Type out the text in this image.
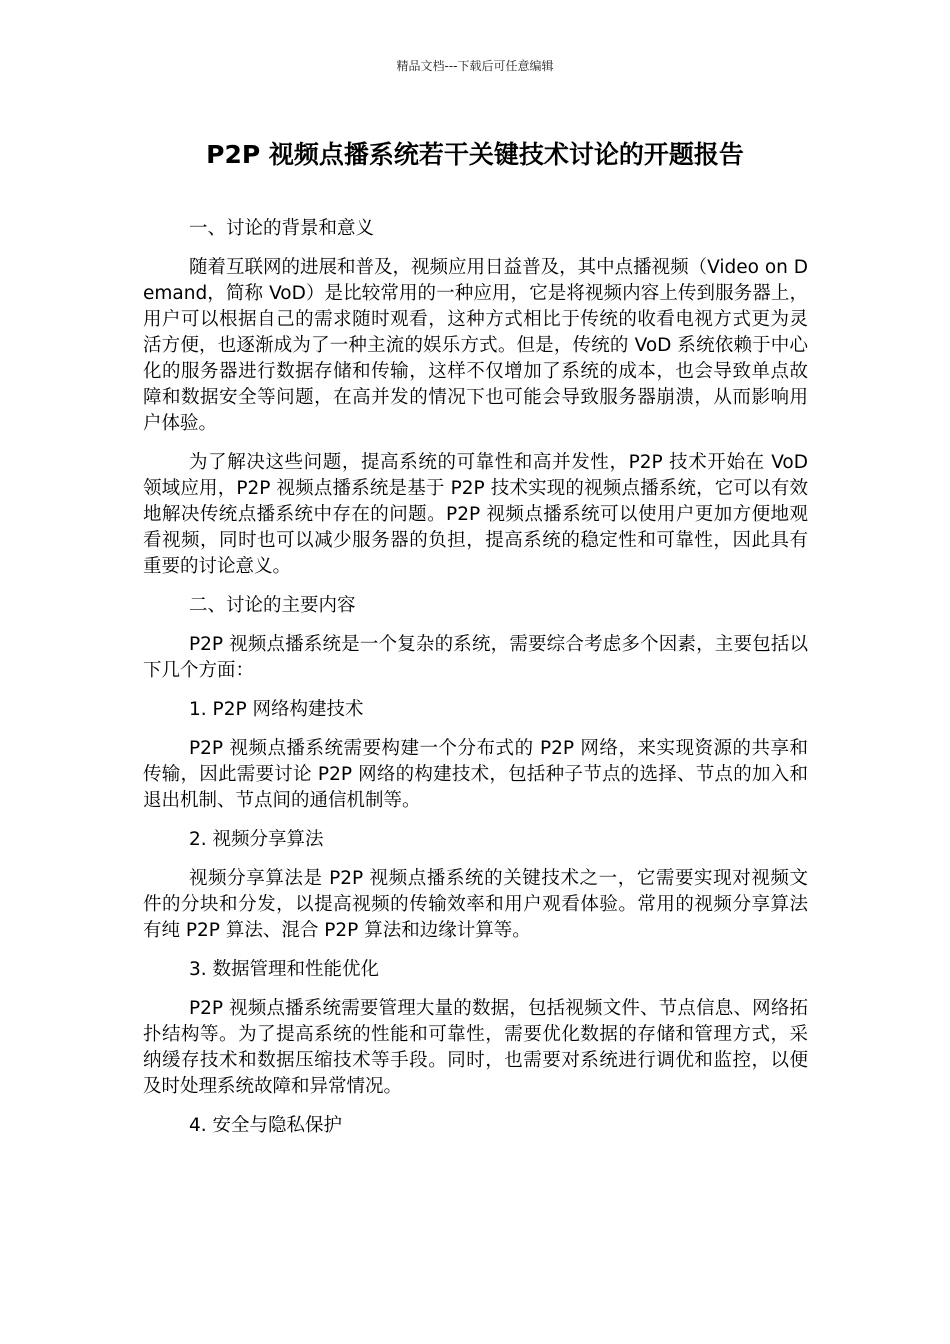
精品文档---下载后可任意编辑
P2P 视频点播系统若干关键技术讨论的开题报告

一、讨论的背景和意义

随着互联网的进展和普及，视频应用日益普及，其中点播视频（Video on Demand，简称 VoD）是比较常用的一种应用，它是将视频内容上传到服务器上，用户可以根据自己的需求随时观看，这种方式相比于传统的收看电视方式更为灵活方便，也逐渐成为了一种主流的娱乐方式。但是，传统的 VoD 系统依赖于中心化的服务器进行数据存储和传输，这样不仅增加了系统的成本，也会导致单点故障和数据安全等问题，在高并发的情况下也可能会导致服务器崩溃，从而影响用户体验。

为了解决这些问题，提高系统的可靠性和高并发性，P2P 技术开始在 VoD 领域应用，P2P 视频点播系统是基于 P2P 技术实现的视频点播系统，它可以有效地解决传统点播系统中存在的问题。P2P 视频点播系统可以使用户更加方便地观看视频，同时也可以减少服务器的负担，提高系统的稳定性和可靠性，因此具有重要的讨论意义。

二、讨论的主要内容

P2P 视频点播系统是一个复杂的系统，需要综合考虑多个因素，主要包括以下几个方面：

1. P2P 网络构建技术

P2P 视频点播系统需要构建一个分布式的 P2P 网络，来实现资源的共享和传输，因此需要讨论 P2P 网络的构建技术，包括种子节点的选择、节点的加入和退出机制、节点间的通信机制等。

2. 视频分享算法

视频分享算法是 P2P 视频点播系统的关键技术之一，它需要实现对视频文件的分块和分发，以提高视频的传输效率和用户观看体验。常用的视频分享算法有纯 P2P 算法、混合 P2P 算法和边缘计算等。

3. 数据管理和性能优化

P2P 视频点播系统需要管理大量的数据，包括视频文件、节点信息、网络拓扑结构等。为了提高系统的性能和可靠性，需要优化数据的存储和管理方式，采纳缓存技术和数据压缩技术等手段。同时，也需要对系统进行调优和监控，以便及时处理系统故障和异常情况。

4. 安全与隐私保护
